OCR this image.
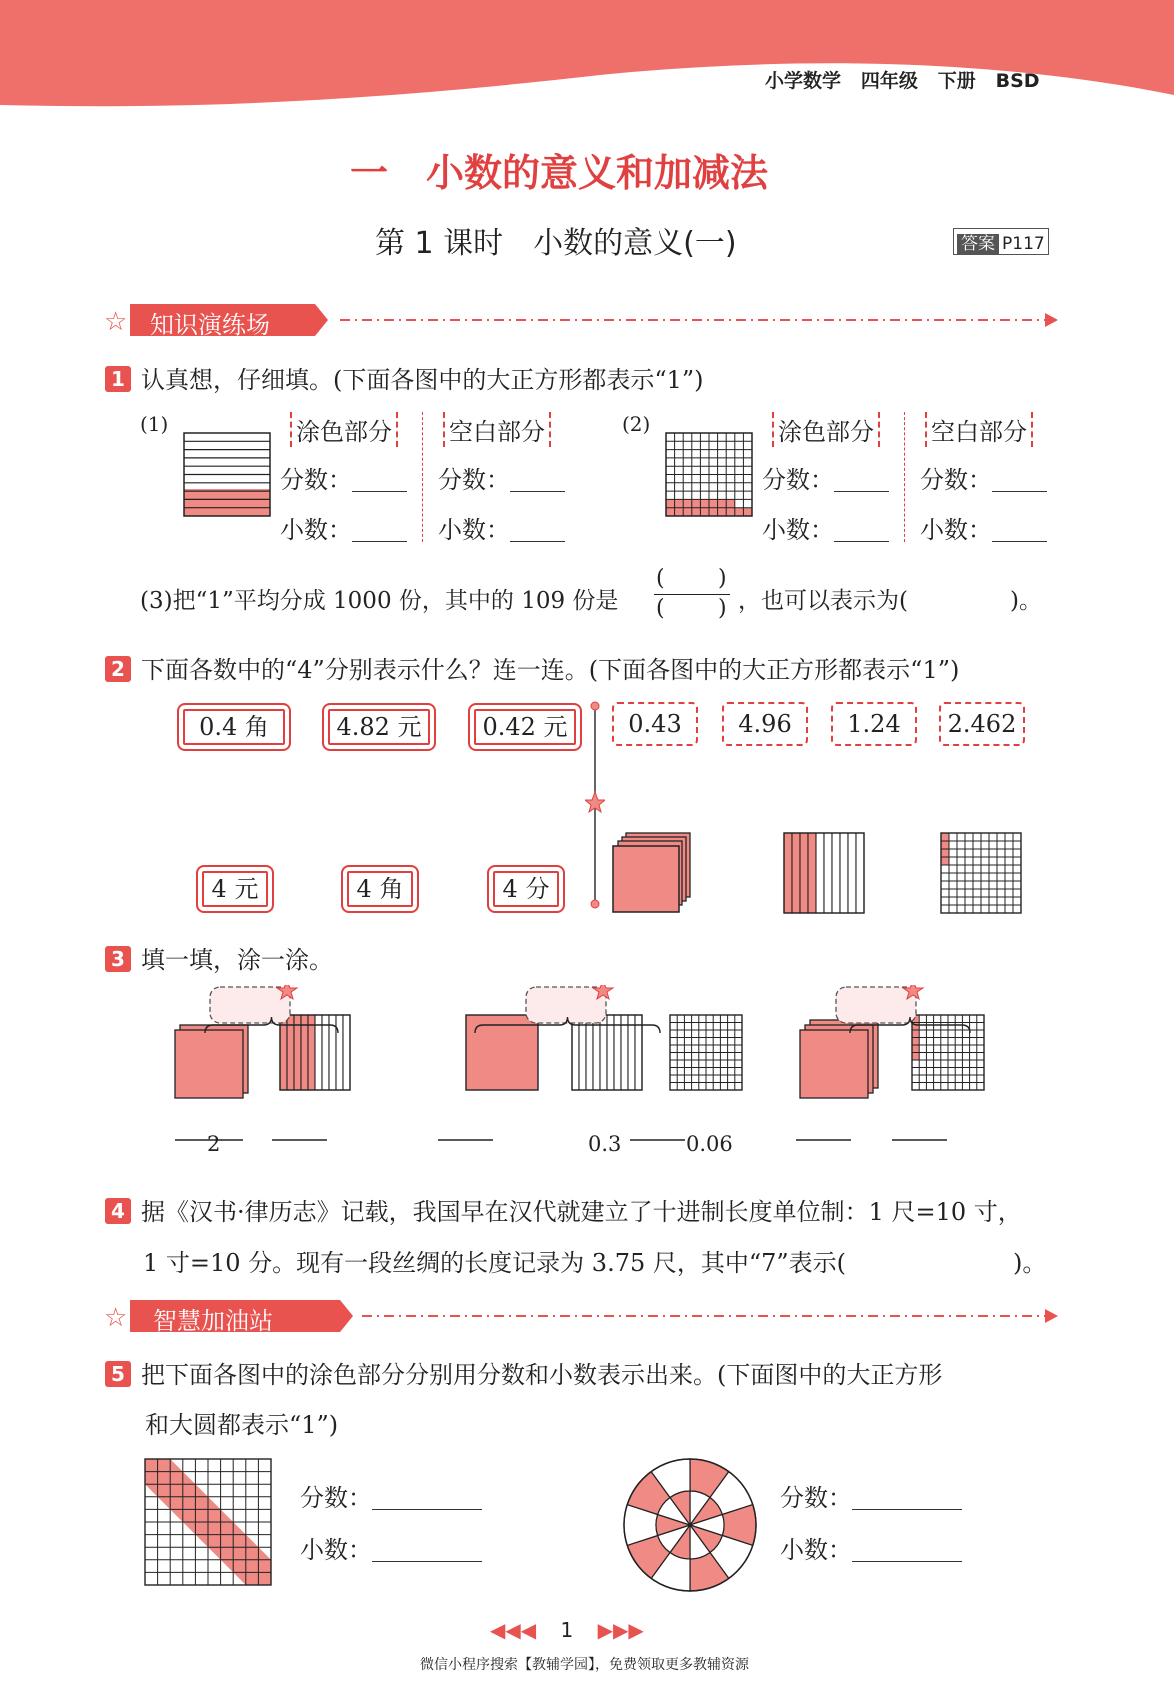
小学数学 四年级 下册 BSD
一　小数的意义和加减法
第 1 课时　小数的意义(一)	答案 P117
☆ 知识演练场
1 认真想，仔细填。(下面各图中的大正方形都表示“1”)
(1)	涂色部分 空白部分
分数：	分数：
小数：	小数：
(2)	涂色部分 空白部分
分数：	分数：
小数：	小数：
(3)把“1”平均分成 1000 份，其中的 109 份是
( )
( ) ，也可以表示为(	)。
2 下面各数中的“4”分别表示什么？连一连。(下面各图中的大正方形都表示“1”)
0.4 角	4.82 元	0.42 元
4 元	4 角	4 分
0.43	4.96	1.24	2.462
3 填一填，涂一涂。
2	0.3	0.06
4 据《汉书·律历志》记载，我国早在汉代就建立了十进制长度单位制：1 尺=10 寸，
1 寸=10 分。现有一段丝绸的长度记录为 3.75 尺，其中“7”表示(	)。
☆ 智慧加油站
5 把下面各图中的涂色部分分别用分数和小数表示出来。(下面图中的大正方形
和大圆都表示“1”)
分数：
小数：
分数：
小数：
◀◀◀ 1 ▶▶▶
微信小程序搜索【教辅学园】，免费领取更多教辅资源
